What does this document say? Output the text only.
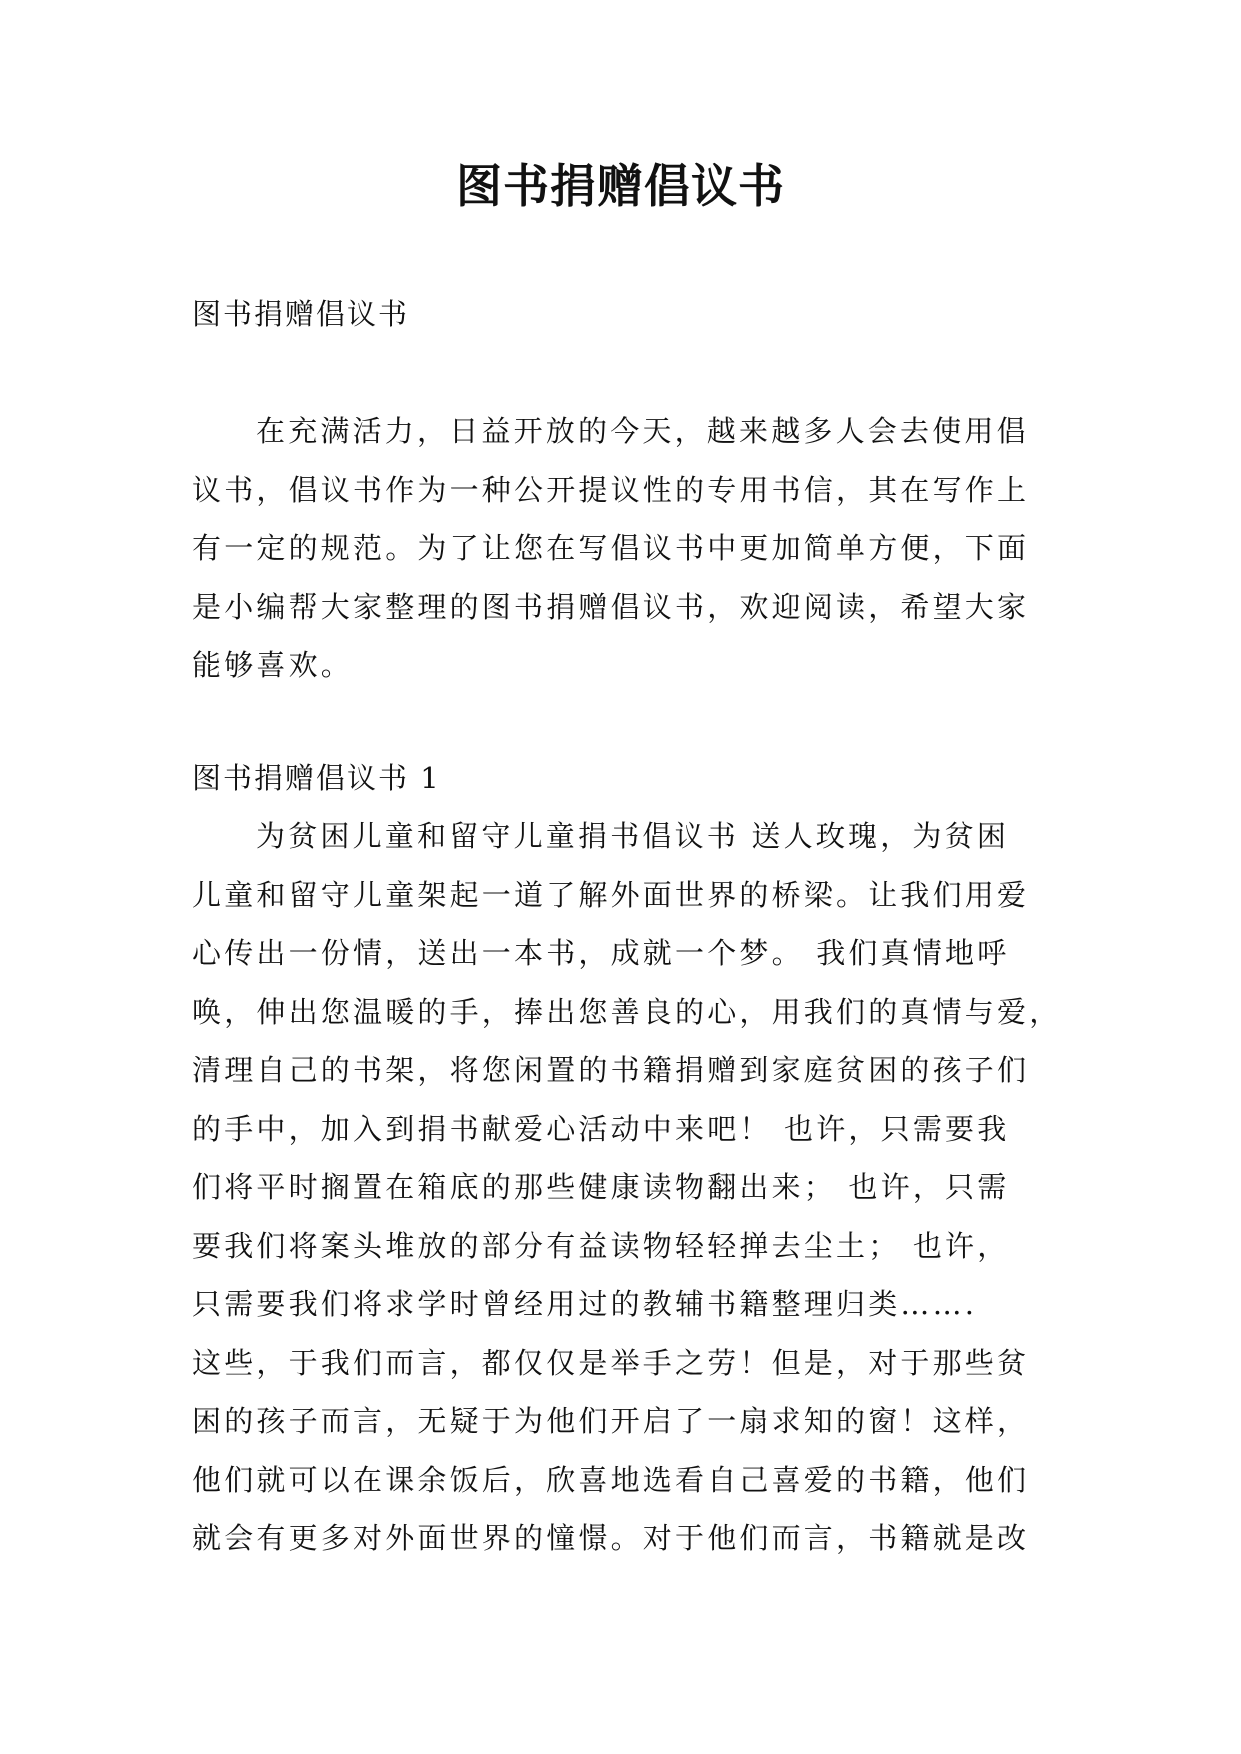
图书捐赠倡议书
图书捐赠倡议书
在充满活力，日益开放的今天，越来越多人会去使用倡
议书，倡议书作为一种公开提议性的专用书信，其在写作上
有一定的规范。为了让您在写倡议书中更加简单方便，下面
是小编帮大家整理的图书捐赠倡议书，欢迎阅读，希望大家
能够喜欢。
图书捐赠倡议书 1
为贫困儿童和留守儿童捐书倡议书 送人玫瑰，为贫困
儿童和留守儿童架起一道了解外面世界的桥梁。让我们用爱
心传出一份情，送出一本书，成就一个梦。 我们真情地呼
唤，伸出您温暖的手，捧出您善良的心，用我们的真情与爱，
清理自己的书架，将您闲置的书籍捐赠到家庭贫困的孩子们
的手中，加入到捐书献爱心活动中来吧！ 也许，只需要我
们将平时搁置在箱底的那些健康读物翻出来； 也许，只需
要我们将案头堆放的部分有益读物轻轻掸去尘土； 也许，
只需要我们将求学时曾经用过的教辅书籍整理归类…….
这些，于我们而言，都仅仅是举手之劳！但是，对于那些贫
困的孩子而言，无疑于为他们开启了一扇求知的窗！这样，
他们就可以在课余饭后，欣喜地选看自己喜爱的书籍，他们
就会有更多对外面世界的憧憬。对于他们而言，书籍就是改
